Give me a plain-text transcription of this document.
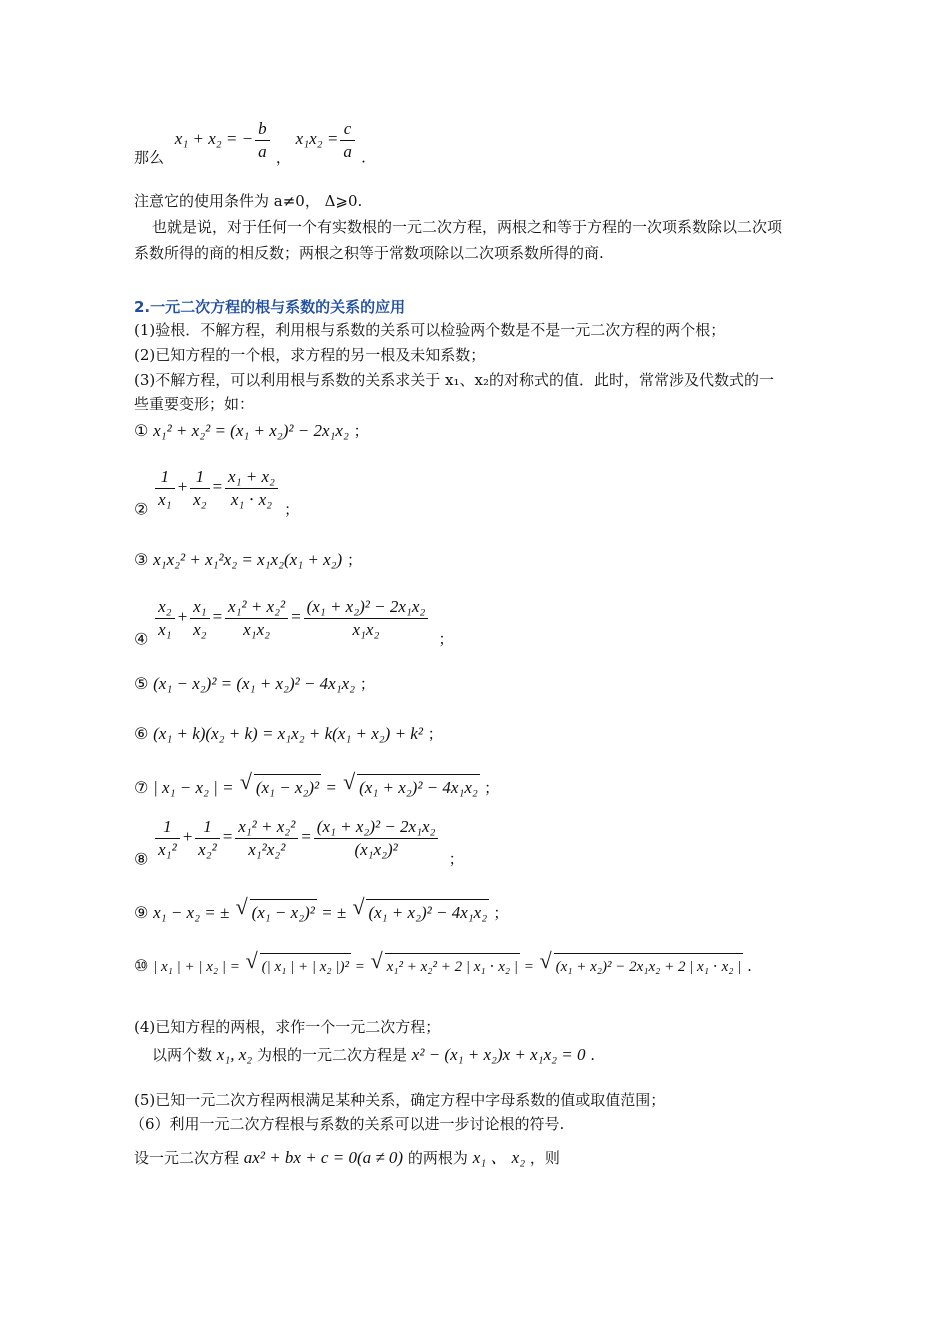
那么 x₁ + x₂ = − $\frac{b}{a}$ ， $x_1x_2 = \frac{c}{a}$ .
注意它的使用条件为 a≠0， Δ⩾0.
也就是说，对于任何一个有实数根的一元二次方程，两根之和等于方程的一次项系数除以二次项
系数所得的商的相反数；两根之积等于常数项除以二次项系数所得的商.
2.一元二次方程的根与系数的关系的应用
(1)验根．不解方程，利用根与系数的关系可以检验两个数是不是一元二次方程的两个根；
(2)已知方程的一个根，求方程的另一根及未知系数；
(3)不解方程，可以利用根与系数的关系求关于 x₁、x₂的对称式的值．此时，常常涉及代数式的一
些重要变形；如：
① x₁² + x₂² = (x₁ + x₂)² − 2x₁x₂ ；
② $\frac{1}{\text{x₁}} + \frac{1}{\text{x₂}} = \frac{\text{x₁ + x₂}}{\text{x₁ ⋅ x₂}}$ ；
③ x₁x₂² + x₁²x₂ = x₁x₂(x₁ + x₂) ；
④ $\frac{\text{x₂}}{\text{x₁}} + \frac{\text{x₁}}{\text{x₂}} = \frac{\text{x₁² + x₂²}}{\text{x₁x₂}} = \frac{\text{(x₁ + x₂)² − 2x₁x₂}}{\text{x₁x₂}}$ ；
⑤ (x₁ − x₂)² = (x₁ + x₂)² − 4x₁x₂ ；
⑥ (x₁ + k)(x₂ + k) = x₁x₂ + k(x₁ + x₂) + k² ；
⑦ | x₁ − x₂ | = √ (x₁ − x₂)² = √ (x₁ + x₂)² − 4x₁x₂ ；
⑧ $\frac{1}{\text{x₁²}} + \frac{1}{\text{x₂²}} = \frac{\text{x₁² + x₂²}}{\text{x₁²x₂²}} = \frac{\text{(x₁ + x₂)² − 2x₁x₂}}{\text{(x₁x₂)²}}$ ；
⑨ x₁ − x₂ = ± √ (x₁ − x₂)² = ± √ (x₁ + x₂)² − 4x₁x₂ ；
⑩ | x₁ | + | x₂ | = √ (| x₁ | + | x₂ |)² = √ x₁² + x₂² + 2 | x₁ ⋅ x₂ | = √ (x₁ + x₂)² − 2x₁x₂ + 2 | x₁ ⋅ x₂ | .
(4)已知方程的两根，求作一个一元二次方程；
以两个数 x₁, x₂ 为根的一元二次方程是 x² − (x₁ + x₂)x + x₁x₂ = 0 .
(5)已知一元二次方程两根满足某种关系，确定方程中字母系数的值或取值范围；
（6）利用一元二次方程根与系数的关系可以进一步讨论根的符号.
设一元二次方程 ax² + bx + c = 0(a ≠ 0) 的两根为 x₁ 、 x₂ ，则
